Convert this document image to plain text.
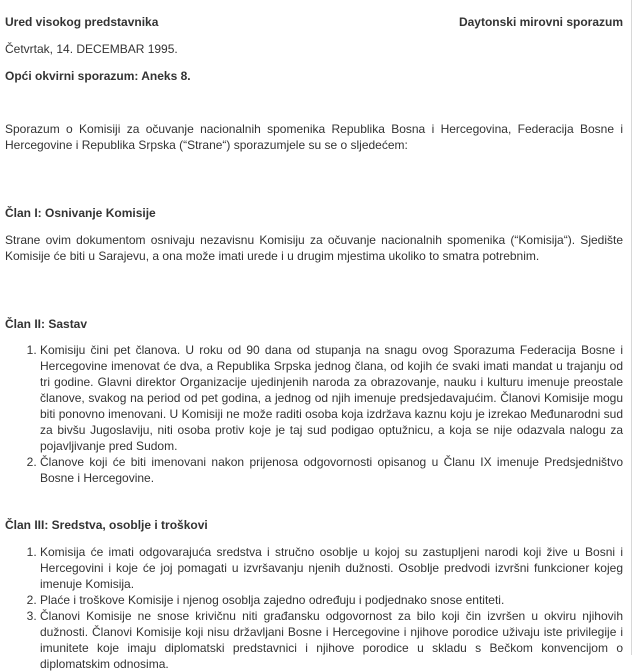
Ured visokog predstavnika	Daytonski mirovni sporazum
Četvrtak, 14. DECEMBAR 1995.
Opći okvirni sporazum: Aneks 8.

Sporazum o Komisiji za očuvanje nacionalnih spomenika Republika Bosna i Hercegovina, Federacija Bosne i Hercegovine i Republika Srpska (“Strane“) sporazumjele su se o sljedećem:

Član I: Osnivanje Komisije

Strane ovim dokumentom osnivaju nezavisnu Komisiju za očuvanje nacionalnih spomenika (“Komisija“). Sjedište Komisije će biti u Sarajevu, a ona može imati urede i u drugim mjestima ukoliko to smatra potrebnim.

Član II: Sastav
1. Komisiju čini pet članova. U roku od 90 dana od stupanja na snagu ovog Sporazuma Federacija Bosne i Hercegovine imenovat će dva, a Republika Srpska jednog člana, od kojih će svaki imati mandat u trajanju od tri godine. Glavni direktor Organizacije ujedinjenih naroda za obrazovanje, nauku i kulturu imenuje preostale članove, svakog na period od pet godina, a jednog od njih imenuje predsjedavajućim. Članovi Komisije mogu biti ponovno imenovani. U Komisiji ne može raditi osoba koja izdržava kaznu koju je izrekao Međunarodni sud za bivšu Jugoslaviju, niti osoba protiv koje je taj sud podigao optužnicu, a koja se nije odazvala nalogu za pojavljivanje pred Sudom.
2. Članove koji će biti imenovani nakon prijenosa odgovornosti opisanog u Članu IX imenuje Predsjedništvo Bosne i Hercegovine.
Član III: Sredstva, osoblje i troškovi
1. Komisija će imati odgovarajuća sredstva i stručno osoblje u kojoj su zastupljeni narodi koji žive u Bosni i Hercegovini i koje će joj pomagati u izvršavanju njenih dužnosti. Osoblje predvodi izvršni funkcioner kojeg imenuje Komisija.
2. Plaće i troškove Komisije i njenog osoblja zajedno određuju i podjednako snose entiteti.
3. Članovi Komisije ne snose krivičnu niti građansku odgovornost za bilo koji čin izvršen u okviru njihovih dužnosti. Članovi Komisije koji nisu državljani Bosne i Hercegovine i njihove porodice uživaju iste privilegije i imunitete koje imaju diplomatski predstavnici i njihove porodice u skladu s Bečkom konvencijom o diplomatskim odnosima.
